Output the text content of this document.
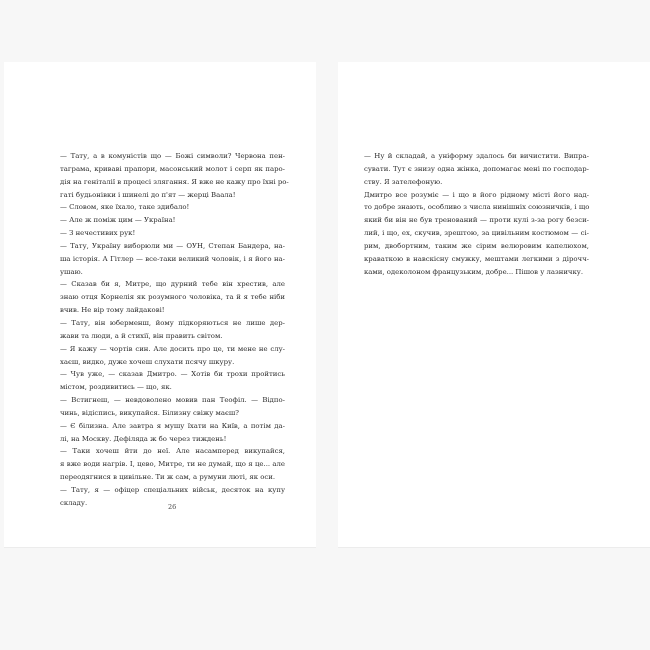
— Тату, а в комуністів що — Божі символи? Червона пен-
таграма, криваві прапори, масонський молот і серп як паро-
дія на геніталії в процесі злягання. Я вже не кажу про їхні ро-
гаті будьонівки і шинелі до п'ят — жерці Ваала!
— Словом, яке їхало, таке здибало!
— Але ж поміж цим — Україна!
— З нечестивих рук!
— Тату, Україну виборюли ми — ОУН, Степан Бандера, на-
ша історія. А Гітлер — все-таки великий чоловік, і я його на-
ушаю.
— Сказав би я, Митре, що дурний тебе він хрестив, але
знаю отця Корнелія як розумного чоловіка, та й я тебе ніби
вчив. Не вір тому лайдакові!
— Тату, він юберменш, йому підкоряються не лише дер-
жави та люди, а й стихії, він править світом.
— Я кажу — чортів син. Але досить про це, ти мене не слу-
хаєш, видко, дуже хочеш слухати псячу шкуру.
— Чув уже, — сказав Дмитро. — Хотів би трохи пройтись
містом, роздивитись — що, як.
— Встигнеш, — невдоволено мовив пан Теофіл. — Відпо-
чинь, відіспись, викупайся. Білизну свіжу маєш?
— Є білизна. Але завтра я мушу їхати на Київ, а потім да-
лі, на Москву. Дефіляда ж бо через тиждень!
— Таки хочеш йти до неї. Але насамперед викупайся,
я вже води нагрів. І, цево, Митре, ти не думай, що я це... але
переодягнися в цивільне. Ти ж сам, а румуни люті, як оси.
— Тату, я — офіцер спеціальних військ, десяток на купу
складу.
26
— Ну й складай, а уніформу здалось би вичистити. Випра-
сувати. Тут є знизу одна жінка, допомагає мені по господар-
ству. Я зателефоную.
Дмитро все розуміє — і що в його рідному місті його над-
то добре знають, особливо з числа нинішніх союзничків, і що
який би він не був тренований — проти кулі з-за рогу безси-
лий, і що, ех, скучив, зрештою, за цивільним костюмом — сі-
рим, двобортним, таким же сірим велюровим капелюхом,
краваткою в навскісну смужку, мештами легкими з дірочч-
ками, одеколоном французьким, добре... Пішов у лазничку.
